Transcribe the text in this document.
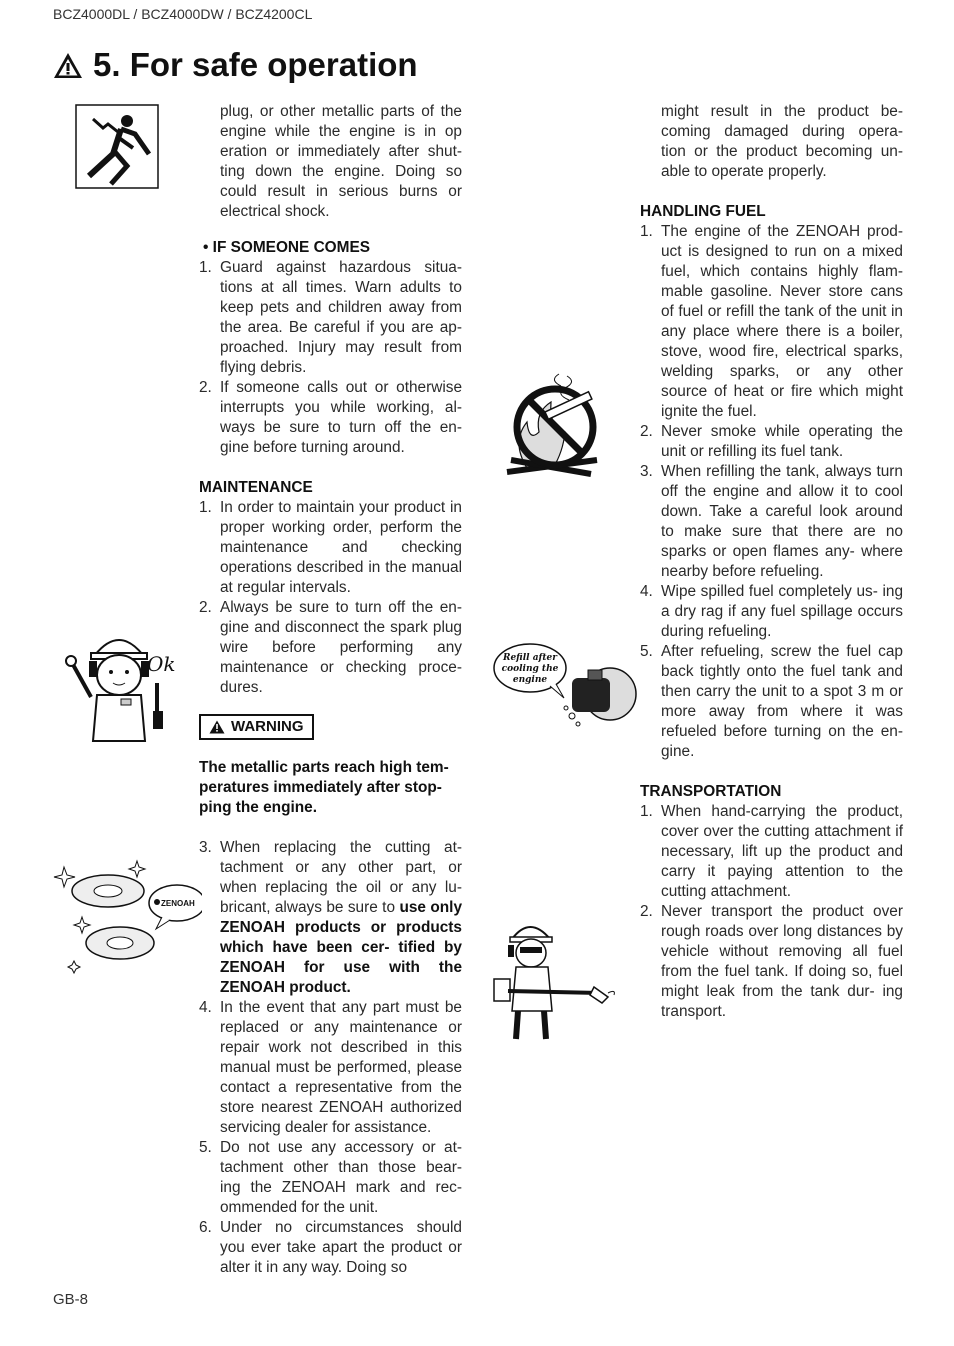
BCZ4000DL / BCZ4000DW / BCZ4200CL
5. For safe operation
Ok
ZENOAH
Refill after
cooling the
engine

plug, or other metallic parts of the engine while the engine is in op eration or immediately after shut- ting down the engine. Doing so could result in serious burns or electrical shock.

• IF SOMEONE COMES

1. Guard against hazardous situa- tions at all times. Warn adults to keep pets and children away from the area. Be careful if you are ap- proached. Injury may result from flying debris.
2. If someone calls out or otherwise interrupts you while working, al- ways be sure to turn off the en- gine before turning around.

MAINTENANCE

1. In order to maintain your product in proper working order, perform the maintenance and checking operations described in the manual at regular intervals.
2. Always be sure to turn off the en- gine and disconnect the spark plug wire before performing any maintenance or checking proce- dures.
WARNING

The metallic parts reach high tem- peratures immediately after stop- ping the engine.

3. When replacing the cutting at- tachment or any other part, or when replacing the oil or any lu- bricant, always be sure to use only ZENOAH products or products which have been cer- tified by ZENOAH for use with the ZENOAH product.
4. In the event that any part must be replaced or any maintenance or repair work not described in this manual must be performed, please contact a representative from the store nearest ZENOAH authorized servicing dealer for assistance.
5. Do not use any accessory or at- tachment other than those bear- ing the ZENOAH mark and rec- ommended for the unit.
6. Under no circumstances should you ever take apart the product or alter it in any way. Doing so

might result in the product be- coming damaged during opera- tion or the product becoming un- able to operate properly.

HANDLING FUEL

1. The engine of the ZENOAH prod- uct is designed to run on a mixed fuel, which contains highly flam- mable gasoline. Never store cans of fuel or refill the tank of the unit in any place where there is a boiler, stove, wood fire, electrical sparks, welding sparks, or any other source of heat or fire which might ignite the fuel.
2. Never smoke while operating the unit or refilling its fuel tank.
3. When refilling the tank, always turn off the engine and allow it to cool down. Take a careful look around to make sure that there are no sparks or open flames any- where nearby before refueling.
4. Wipe spilled fuel completely us- ing a dry rag if any fuel spillage occurs during refueling.
5. After refueling, screw the fuel cap back tightly onto the fuel tank and then carry the unit to a spot 3 m or more away from where it was refueled before turning on the en- gine.

TRANSPORTATION

1. When hand-carrying the product, cover over the cutting attachment if necessary, lift up the product and carry it paying attention to the cutting attachment.
2. Never transport the product over rough roads over long distances by vehicle without removing all fuel from the fuel tank. If doing so, fuel might leak from the tank dur- ing transport.
GB-8
